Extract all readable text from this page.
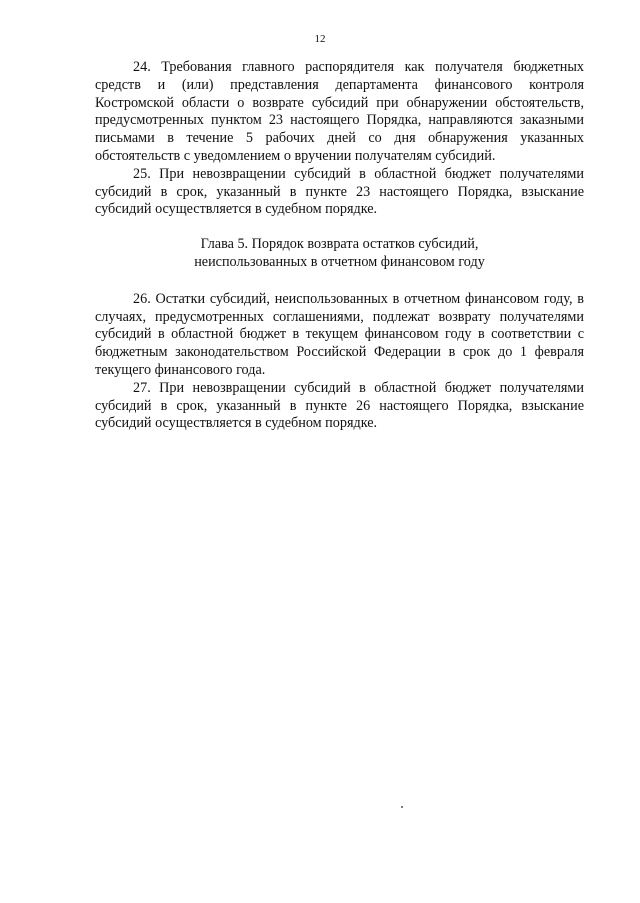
12

24. Требования главного распорядителя как получателя бюджетных средств и (или) представления департамента финансового контроля Костромской области о возврате субсидий при обнаружении обстоятельств, предусмотренных пунктом 23 настоящего Порядка, направляются заказными письмами в течение 5 рабочих дней со дня обнаружения указанных обстоятельств с уведомлением о вручении получателям субсидий.

25. При невозвращении субсидий в областной бюджет получателями субсидий в срок, указанный в пункте 23 настоящего Порядка, взыскание субсидий осуществляется в судебном порядке.

Глава 5. Порядок возврата остатков субсидий,
неиспользованных в отчетном финансовом году

26. Остатки субсидий, неиспользованных в отчетном финансовом году, в случаях, предусмотренных соглашениями, подлежат возврату получателями субсидий в областной бюджет в текущем финансовом году в соответствии с бюджетным законодательством Российской Федерации в срок до 1 февраля текущего финансового года.

27. При невозвращении субсидий в областной бюджет получателями субсидий в срок, указанный в пункте 26 настоящего Порядка, взыскание субсидий осуществляется в судебном порядке.
